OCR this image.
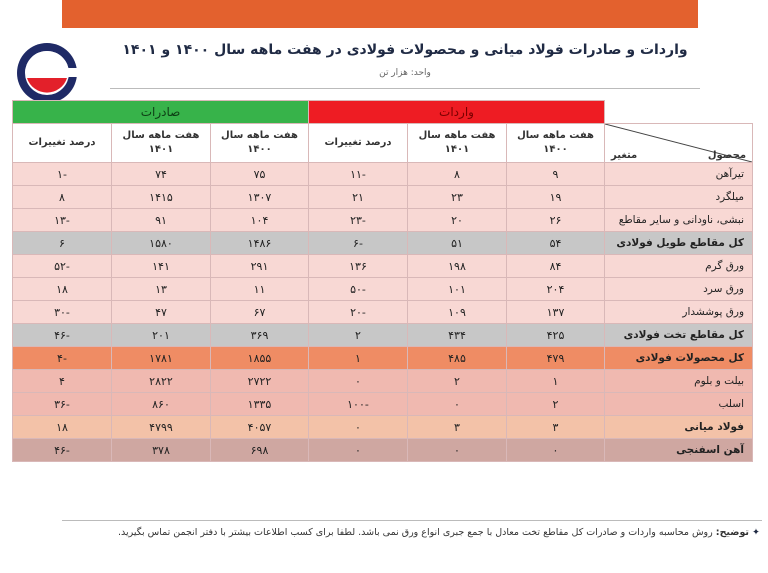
واردات و صادرات فولاد میانی و محصولات فولادی در هفت ماهه سال ۱۴۰۰ و ۱۴۰۱
واحد: هزار تن
	واردات			صادرات		

محصول
متغیر	هفت ماهه سال ۱۴۰۰	هفت ماهه سال ۱۴۰۱	درصد تغییرات	هفت ماهه سال ۱۴۰۰	هفت ماهه سال ۱۴۰۱	درصد تغییرات
تیرآهن	۹	۸	-۱۱	۷۵	۷۴	-۱
میلگرد	۱۹	۲۳	۲۱	۱۳۰۷	۱۴۱۵	۸
نبشی، ناودانی و سایر مقاطع	۲۶	۲۰	-۲۳	۱۰۴	۹۱	-۱۳
کل مقاطع طویل فولادی	۵۴	۵۱	-۶	۱۴۸۶	۱۵۸۰	۶
ورق گرم	۸۴	۱۹۸	۱۳۶	۲۹۱	۱۴۱	-۵۲
ورق سرد	۲۰۴	۱۰۱	-۵۰	۱۱	۱۳	۱۸
ورق پوششدار	۱۳۷	۱۰۹	-۲۰	۶۷	۴۷	-۳۰
کل مقاطع تخت فولادی	۴۲۵	۴۳۴	۲	۳۶۹	۲۰۱	-۴۶
کل محصولات فولادی	۴۷۹	۴۸۵	۱	۱۸۵۵	۱۷۸۱	-۴
بیلت و بلوم	۱	۲	۰	۲۷۲۲	۲۸۲۲	۴
اسلب	۲	۰	-۱۰۰	۱۳۳۵	۸۶۰	-۳۶
فولاد میانی	۳	۳	۰	۴۰۵۷	۴۷۹۹	۱۸
آهن اسفنجی	۰	۰	۰	۶۹۸	۳۷۸	-۴۶
✦ توضیح: روش محاسبه واردات و صادرات کل مقاطع تخت معادل با جمع جبری انواع ورق نمی باشد. لطفا برای کسب اطلاعات بیشتر با دفتر انجمن تماس بگیرید.
